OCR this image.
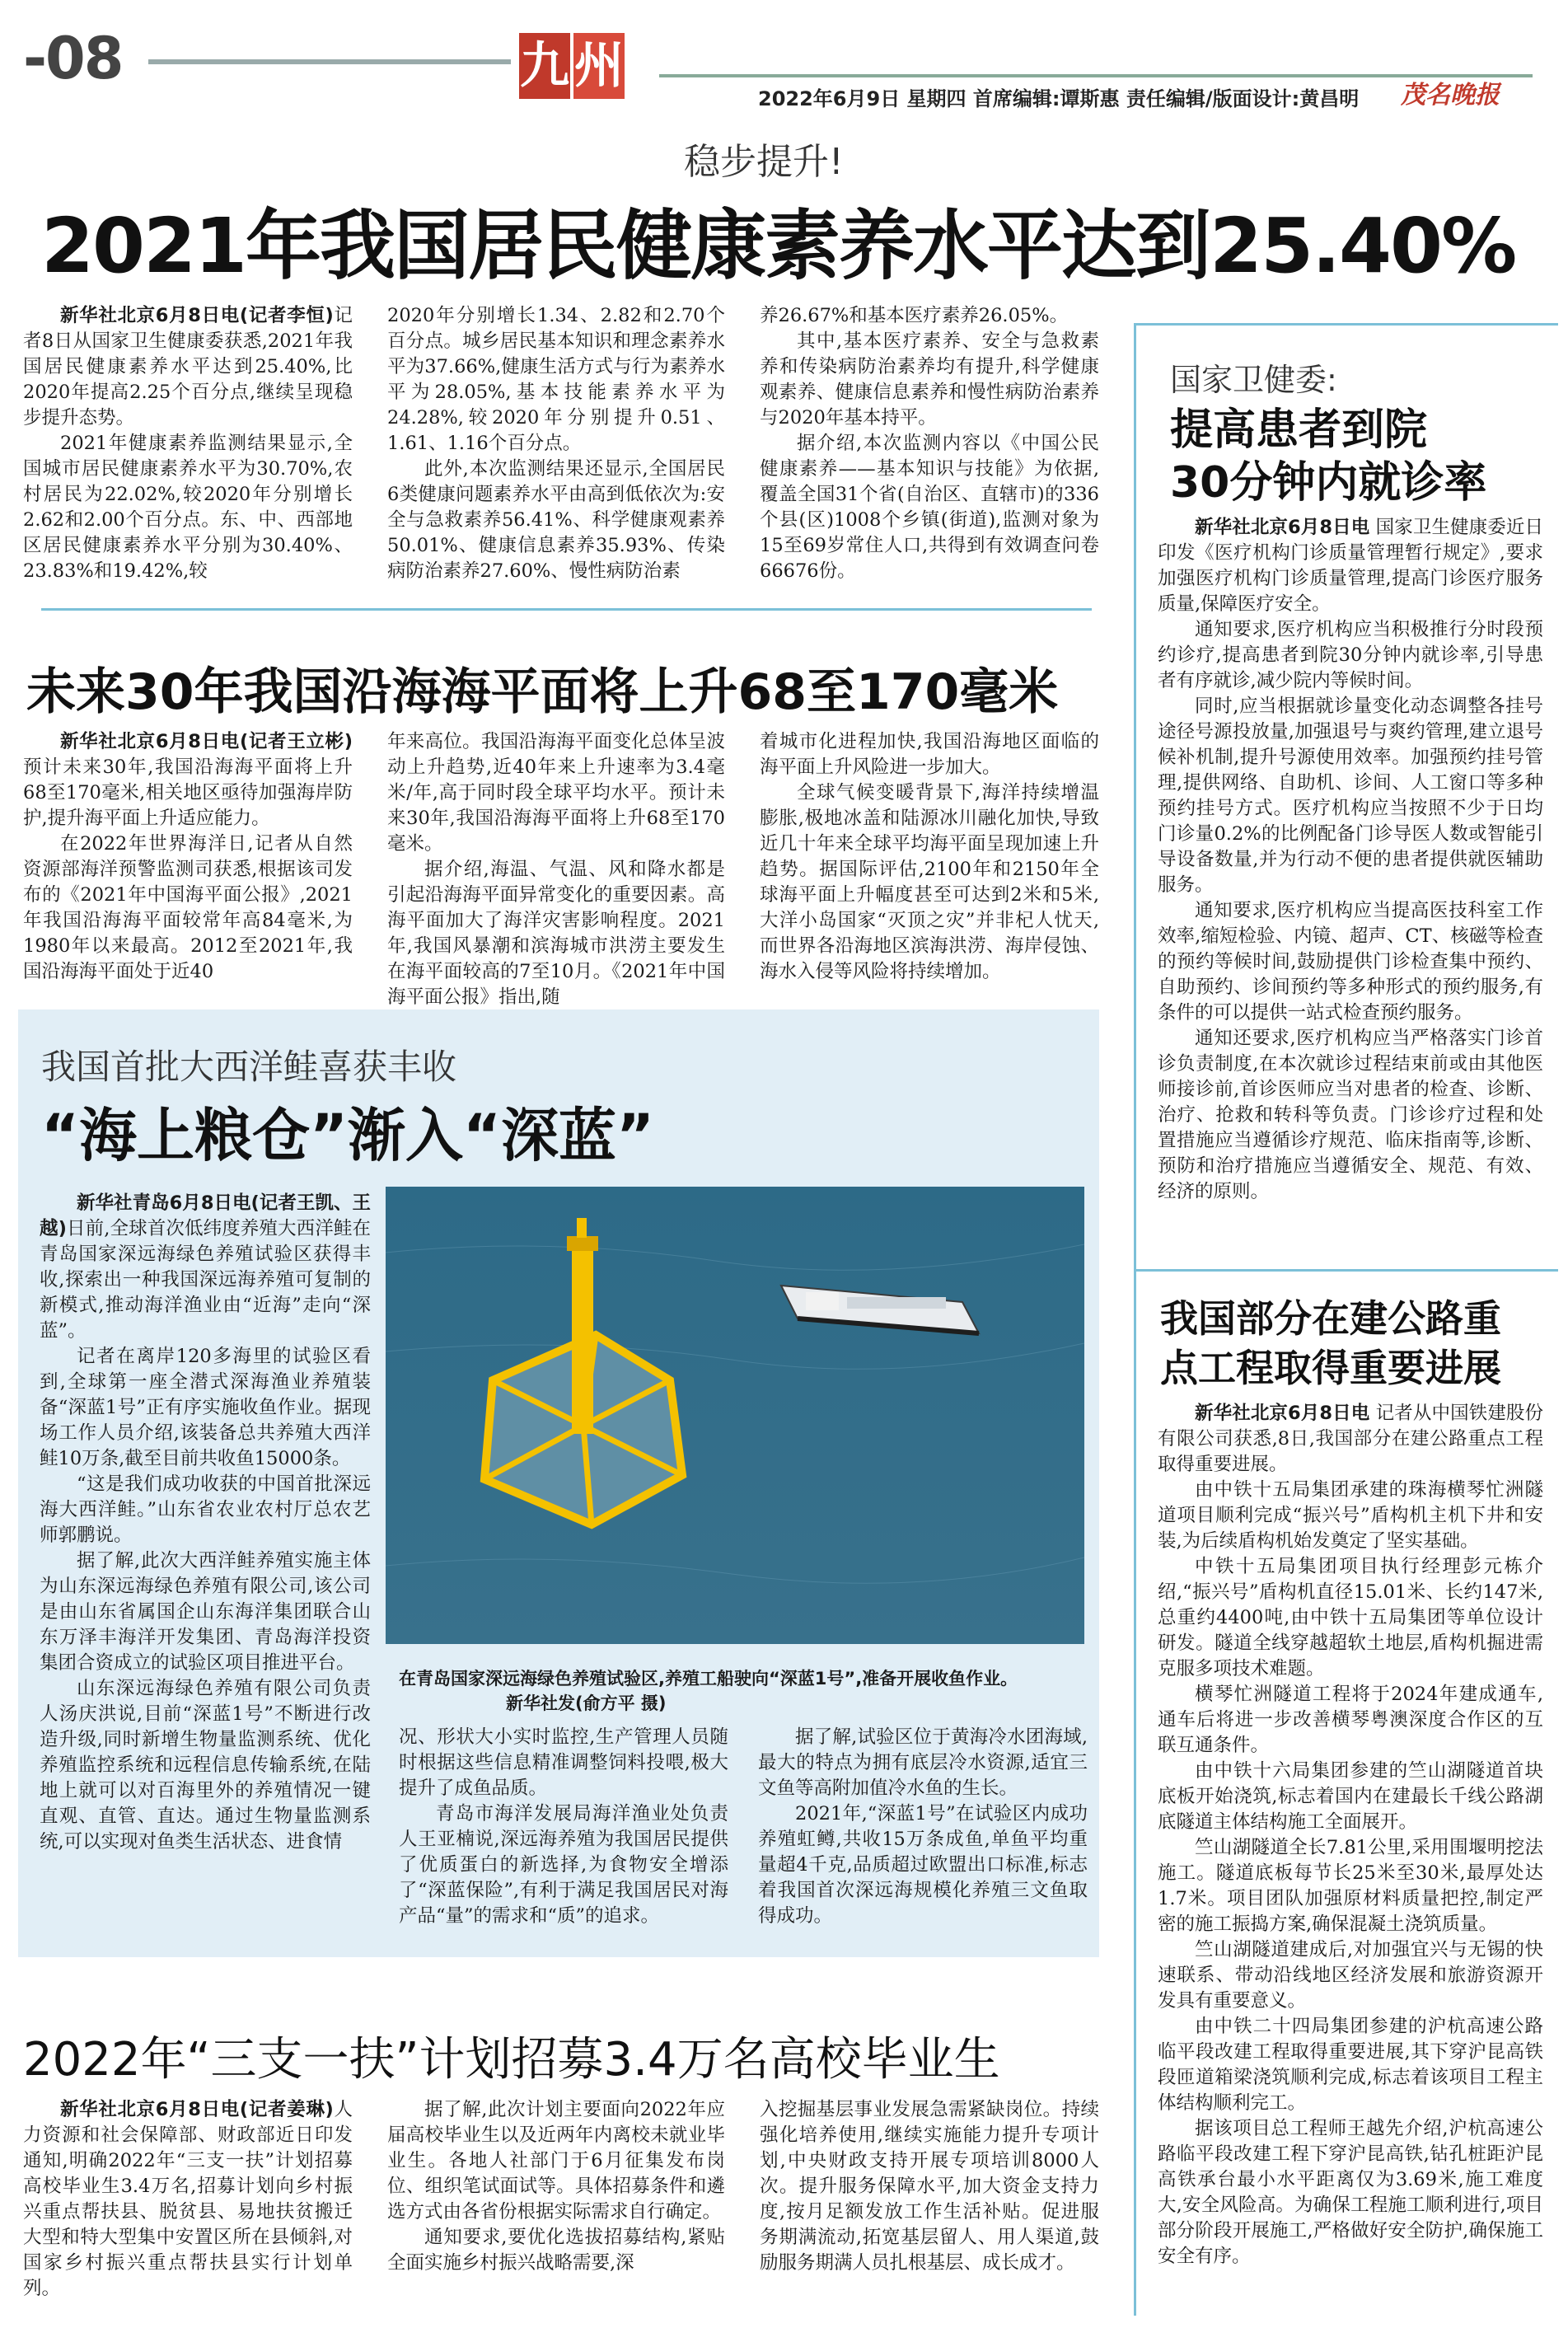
-08	九 州
2022年6月9日 星期四 首席编辑:谭斯惠 责任编辑/版面设计:黄昌明 茂名晚报
稳步提升!
2021年我国居民健康素养水平达到25.40%

新华社北京6月8日电(记者李恒)记者8日从国家卫生健康委获悉,2021年我国居民健康素养水平达到25.40%,比2020年提高2.25个百分点,继续呈现稳步提升态势。

2021年健康素养监测结果显示,全国城市居民健康素养水平为30.70%,农村居民为22.02%,较2020年分别增长2.62和2.00个百分点。东、中、西部地区居民健康素养水平分别为30.40%、23.83%和19.42%,较

2020年分别增长1.34、2.82和2.70个百分点。城乡居民基本知识和理念素养水平为37.66%,健康生活方式与行为素养水平为28.05%,基本技能素养水平为24.28%,较2020年分别提升0.51、1.61、1.16个百分点。

此外,本次监测结果还显示,全国居民6类健康问题素养水平由高到低依次为:安全与急救素养56.41%、科学健康观素养50.01%、健康信息素养35.93%、传染病防治素养27.60%、慢性病防治素

养26.67%和基本医疗素养26.05%。

其中,基本医疗素养、安全与急救素养和传染病防治素养均有提升,科学健康观素养、健康信息素养和慢性病防治素养与2020年基本持平。

据介绍,本次监测内容以《中国公民健康素养——基本知识与技能》为依据,覆盖全国31个省(自治区、直辖市)的336个县(区)1008个乡镇(街道),监测对象为15至69岁常住人口,共得到有效调查问卷66676份。

未来30年我国沿海海平面将上升68至170毫米

新华社北京6月8日电(记者王立彬)预计未来30年,我国沿海海平面将上升68至170毫米,相关地区亟待加强海岸防护,提升海平面上升适应能力。

在2022年世界海洋日,记者从自然资源部海洋预警监测司获悉,根据该司发布的《2021年中国海平面公报》,2021年我国沿海海平面较常年高84毫米,为1980年以来最高。2012至2021年,我国沿海海平面处于近40

年来高位。我国沿海海平面变化总体呈波动上升趋势,近40年来上升速率为3.4毫米/年,高于同时段全球平均水平。预计未来30年,我国沿海海平面将上升68至170毫米。

据介绍,海温、气温、风和降水都是引起沿海海平面异常变化的重要因素。高海平面加大了海洋灾害影响程度。2021年,我国风暴潮和滨海城市洪涝主要发生在海平面较高的7至10月。《2021年中国海平面公报》指出,随

着城市化进程加快,我国沿海地区面临的海平面上升风险进一步加大。

全球气候变暖背景下,海洋持续增温膨胀,极地冰盖和陆源冰川融化加快,导致近几十年来全球平均海平面呈现加速上升趋势。据国际评估,2100年和2150年全球海平面上升幅度甚至可达到2米和5米,大洋小岛国家“灭顶之灾”并非杞人忧天,而世界各沿海地区滨海洪涝、海岸侵蚀、海水入侵等风险将持续增加。

我国首批大西洋鲑喜获丰收
“海上粮仓”渐入“深蓝”

新华社青岛6月8日电(记者王凯、王越)日前,全球首次低纬度养殖大西洋鲑在青岛国家深远海绿色养殖试验区获得丰收,探索出一种我国深远海养殖可复制的新模式,推动海洋渔业由“近海”走向“深蓝”。

记者在离岸120多海里的试验区看到,全球第一座全潜式深海渔业养殖装备“深蓝1号”正有序实施收鱼作业。据现场工作人员介绍,该装备总共养殖大西洋鲑10万条,截至目前共收鱼15000条。

“这是我们成功收获的中国首批深远海大西洋鲑。”山东省农业农村厅总农艺师郭鹏说。

据了解,此次大西洋鲑养殖实施主体为山东深远海绿色养殖有限公司,该公司是由山东省属国企山东海洋集团联合山东万泽丰海洋开发集团、青岛海洋投资集团合资成立的试验区项目推进平台。

山东深远海绿色养殖有限公司负责人汤庆洪说,目前“深蓝1号”不断进行改造升级,同时新增生物量监测系统、优化养殖监控系统和远程信息传输系统,在陆地上就可以对百海里外的养殖情况一键直观、直管、直达。通过生物量监测系统,可以实现对鱼类生活状态、进食情

在青岛国家深远海绿色养殖试验区,养殖工船驶向“深蓝1号”,准备开展收鱼作业。新华社发(俞方平 摄)

况、形状大小实时监控,生产管理人员随时根据这些信息精准调整饲料投喂,极大提升了成鱼品质。

青岛市海洋发展局海洋渔业处负责人王亚楠说,深远海养殖为我国居民提供了优质蛋白的新选择,为食物安全增添了“深蓝保险”,有利于满足我国居民对海产品“量”的需求和“质”的追求。

据了解,试验区位于黄海冷水团海域,最大的特点为拥有底层冷水资源,适宜三文鱼等高附加值冷水鱼的生长。

2021年,“深蓝1号”在试验区内成功养殖虹鳟,共收15万条成鱼,单鱼平均重量超4千克,品质超过欧盟出口标准,标志着我国首次深远海规模化养殖三文鱼取得成功。

2022年“三支一扶”计划招募3.4万名高校毕业生

新华社北京6月8日电(记者姜琳)人力资源和社会保障部、财政部近日印发通知,明确2022年“三支一扶”计划招募高校毕业生3.4万名,招募计划向乡村振兴重点帮扶县、脱贫县、易地扶贫搬迁大型和特大型集中安置区所在县倾斜,对国家乡村振兴重点帮扶县实行计划单列。

据了解,此次计划主要面向2022年应届高校毕业生以及近两年内离校未就业毕业生。各地人社部门于6月征集发布岗位、组织笔试面试等。具体招募条件和遴选方式由各省份根据实际需求自行确定。

通知要求,要优化选拔招募结构,紧贴全面实施乡村振兴战略需要,深

入挖掘基层事业发展急需紧缺岗位。持续强化培养使用,继续实施能力提升专项计划,中央财政支持开展专项培训8000人次。提升服务保障水平,加大资金支持力度,按月足额发放工作生活补贴。促进服务期满流动,拓宽基层留人、用人渠道,鼓励服务期满人员扎根基层、成长成才。

国家卫健委:
提高患者到院
30分钟内就诊率

新华社北京6月8日电 国家卫生健康委近日印发《医疗机构门诊质量管理暂行规定》,要求加强医疗机构门诊质量管理,提高门诊医疗服务质量,保障医疗安全。

通知要求,医疗机构应当积极推行分时段预约诊疗,提高患者到院30分钟内就诊率,引导患者有序就诊,减少院内等候时间。

同时,应当根据就诊量变化动态调整各挂号途径号源投放量,加强退号与爽约管理,建立退号候补机制,提升号源使用效率。加强预约挂号管理,提供网络、自助机、诊间、人工窗口等多种预约挂号方式。医疗机构应当按照不少于日均门诊量0.2%的比例配备门诊导医人数或智能引导设备数量,并为行动不便的患者提供就医辅助服务。

通知要求,医疗机构应当提高医技科室工作效率,缩短检验、内镜、超声、CT、核磁等检查的预约等候时间,鼓励提供门诊检查集中预约、自助预约、诊间预约等多种形式的预约服务,有条件的可以提供一站式检查预约服务。

通知还要求,医疗机构应当严格落实门诊首诊负责制度,在本次就诊过程结束前或由其他医师接诊前,首诊医师应当对患者的检查、诊断、治疗、抢救和转科等负责。门诊诊疗过程和处置措施应当遵循诊疗规范、临床指南等,诊断、预防和治疗措施应当遵循安全、规范、有效、经济的原则。

我国部分在建公路重
点工程取得重要进展

新华社北京6月8日电 记者从中国铁建股份有限公司获悉,8日,我国部分在建公路重点工程取得重要进展。

由中铁十五局集团承建的珠海横琴忙洲隧道项目顺利完成“振兴号”盾构机主机下井和安装,为后续盾构机始发奠定了坚实基础。

中铁十五局集团项目执行经理彭元栋介绍,“振兴号”盾构机直径15.01米、长约147米,总重约4400吨,由中铁十五局集团等单位设计研发。隧道全线穿越超软土地层,盾构机掘进需克服多项技术难题。

横琴忙洲隧道工程将于2024年建成通车,通车后将进一步改善横琴粤澳深度合作区的互联互通条件。

由中铁十六局集团参建的竺山湖隧道首块底板开始浇筑,标志着国内在建最长千线公路湖底隧道主体结构施工全面展开。

竺山湖隧道全长7.81公里,采用围堰明挖法施工。隧道底板每节长25米至30米,最厚处达1.7米。项目团队加强原材料质量把控,制定严密的施工振捣方案,确保混凝土浇筑质量。

竺山湖隧道建成后,对加强宜兴与无锡的快速联系、带动沿线地区经济发展和旅游资源开发具有重要意义。

由中铁二十四局集团参建的沪杭高速公路临平段改建工程取得重要进展,其下穿沪昆高铁段匝道箱梁浇筑顺利完成,标志着该项目工程主体结构顺利完工。

据该项目总工程师王越先介绍,沪杭高速公路临平段改建工程下穿沪昆高铁,钻孔桩距沪昆高铁承台最小水平距离仅为3.69米,施工难度大,安全风险高。为确保工程施工顺利进行,项目部分阶段开展施工,严格做好安全防护,确保施工安全有序。
